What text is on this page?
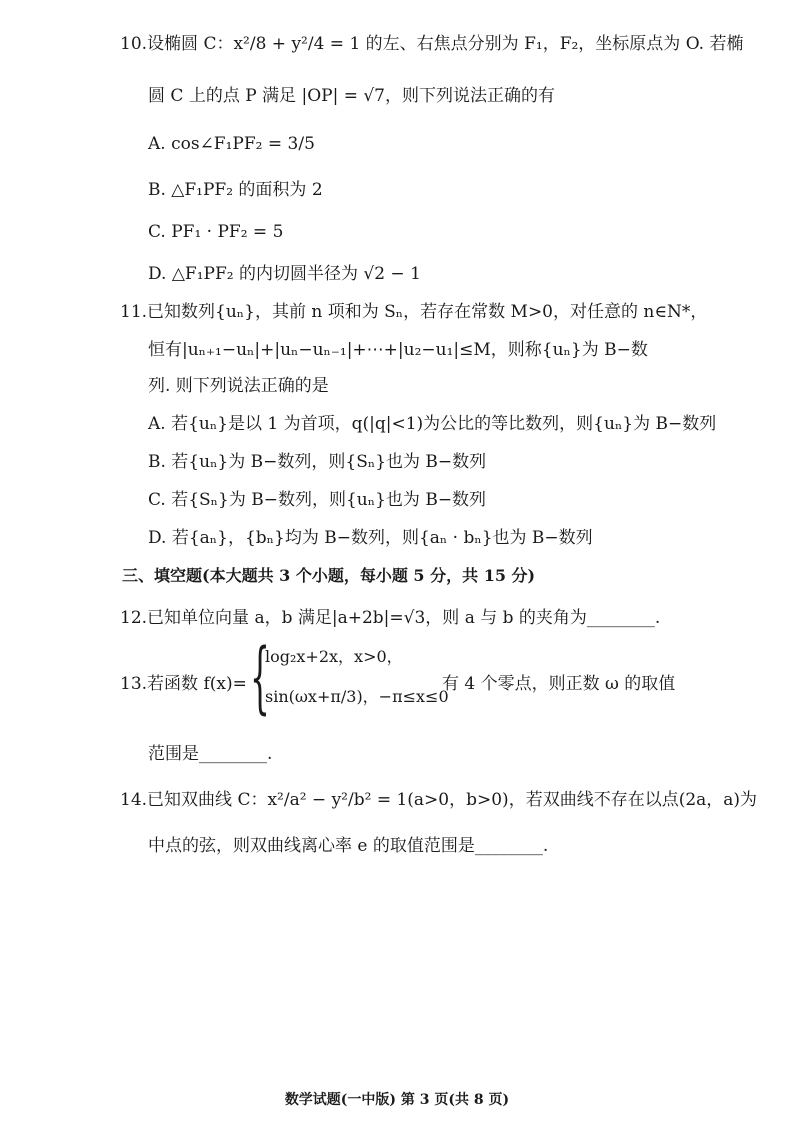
10.设椭圆 C：x²/8 + y²/4 = 1 的左、右焦点分别为 F₁，F₂，坐标原点为 O. 若椭
圆 C 上的点 P 满足 |OP| = √7，则下列说法正确的有
A. cos∠F₁PF₂ = 3/5
B. △F₁PF₂ 的面积为 2
C. PF₁ · PF₂ = 5
D. △F₁PF₂ 的内切圆半径为 √2 − 1
11.已知数列{uₙ}，其前 n 项和为 Sₙ，若存在常数 M>0，对任意的 n∈N*，
恒有|uₙ₊₁−uₙ|+|uₙ−uₙ₋₁|+⋯+|u₂−u₁|≤M，则称{uₙ}为 B−数
列. 则下列说法正确的是
A. 若{uₙ}是以 1 为首项，q(|q|<1)为公比的等比数列，则{uₙ}为 B−数列
B. 若{uₙ}为 B−数列，则{Sₙ}也为 B−数列
C. 若{Sₙ}为 B−数列，则{uₙ}也为 B−数列
D. 若{aₙ}，{bₙ}均为 B−数列，则{aₙ · bₙ}也为 B−数列
三、填空题(本大题共 3 个小题，每小题 5 分，共 15 分)
12.已知单位向量 a，b 满足|a+2b|=√3，则 a 与 b 的夹角为________.
13.若函数 f(x)= {
log₂x+2x，x>0，
sin(ωx+π/3)，−π≤x≤0
有 4 个零点，则正数 ω 的取值
范围是________.
14.已知双曲线 C：x²/a² − y²/b² = 1(a>0，b>0)，若双曲线不存在以点(2a，a)为
中点的弦，则双曲线离心率 e 的取值范围是________.
数学试题(一中版) 第 3 页(共 8 页)
